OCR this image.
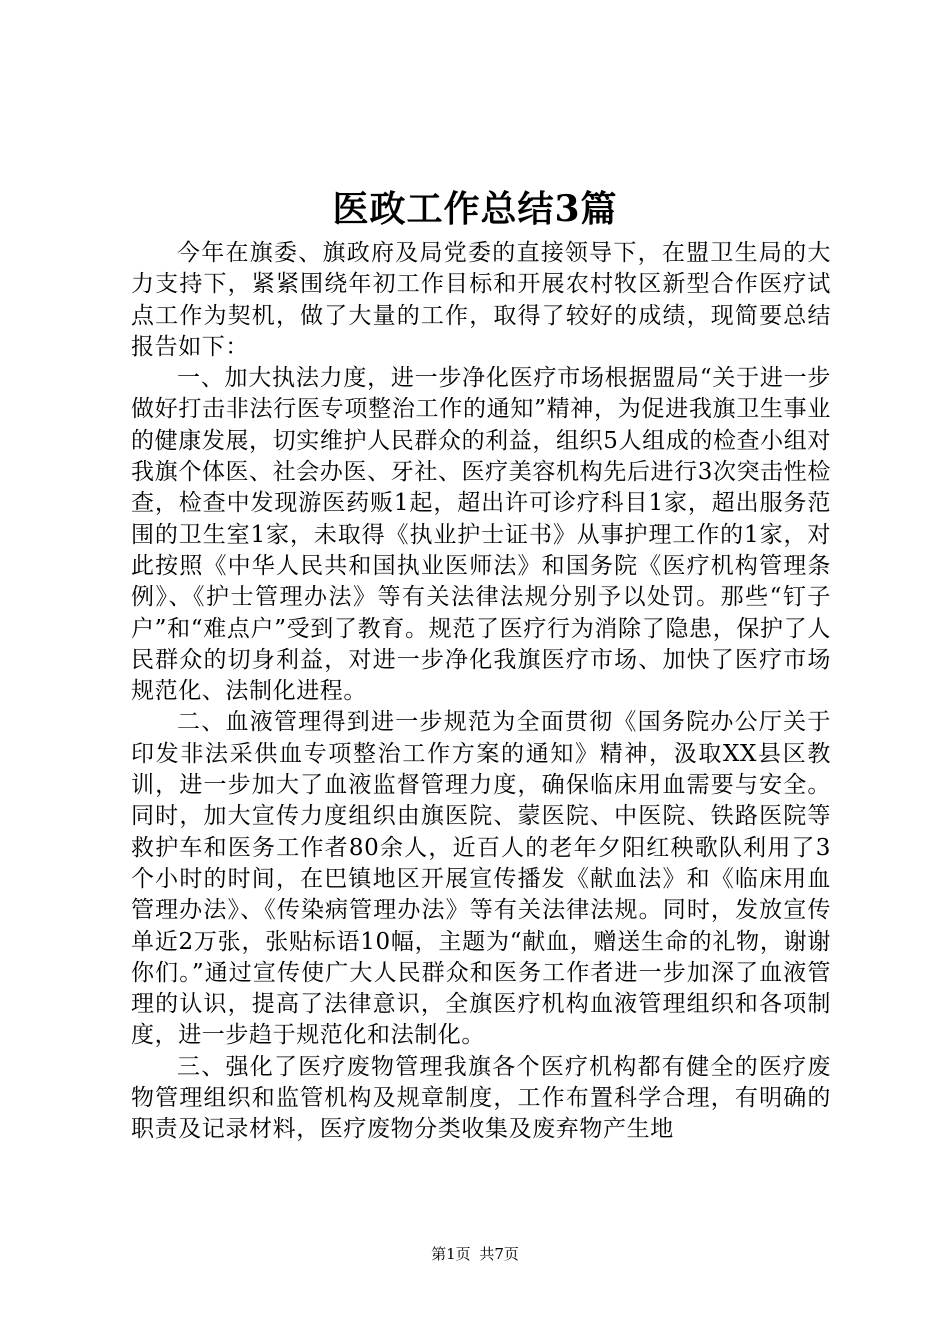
医政工作总结3篇

今年在旗委、旗政府及局党委的直接领导下，在盟卫生局的大力支持下，紧紧围绕年初工作目标和开展农村牧区新型合作医疗试点工作为契机，做了大量的工作，取得了较好的成绩，现简要总结报告如下：

一、加大执法力度，进一步净化医疗市场根据盟局“关于进一步做好打击非法行医专项整治工作的通知”精神，为促进我旗卫生事业的健康发展，切实维护人民群众的利益，组织5人组成的检查小组对我旗个体医、社会办医、牙社、医疗美容机构先后进行3次突击性检查，检查中发现游医药贩1起，超出许可诊疗科目1家，超出服务范围的卫生室1家，未取得《执业护士证书》从事护理工作的1家，对此按照《中华人民共和国执业医师法》和国务院《医疗机构管理条例》、《护士管理办法》等有关法律法规分别予以处罚。那些“钉子户”和“难点户”受到了教育。规范了医疗行为消除了隐患，保护了人民群众的切身利益，对进一步净化我旗医疗市场、加快了医疗市场规范化、法制化进程。

二、血液管理得到进一步规范为全面贯彻《国务院办公厅关于印发非法采供血专项整治工作方案的通知》精神，汲取XX县区教训，进一步加大了血液监督管理力度，确保临床用血需要与安全。同时，加大宣传力度组织由旗医院、蒙医院、中医院、铁路医院等救护车和医务工作者80余人，近百人的老年夕阳红秧歌队利用了3个小时的时间，在巴镇地区开展宣传播发《献血法》和《临床用血管理办法》、《传染病管理办法》等有关法律法规。同时，发放宣传单近2万张，张贴标语10幅，主题为“献血，赠送生命的礼物，谢谢你们。”通过宣传使广大人民群众和医务工作者进一步加深了血液管理的认识，提高了法律意识，全旗医疗机构血液管理组织和各项制度，进一步趋于规范化和法制化。

三、强化了医疗废物管理我旗各个医疗机构都有健全的医疗废物管理组织和监管机构及规章制度，工作布置科学合理，有明确的职责及记录材料，医疗废物分类收集及废弃物产生地

第1页 共7页
